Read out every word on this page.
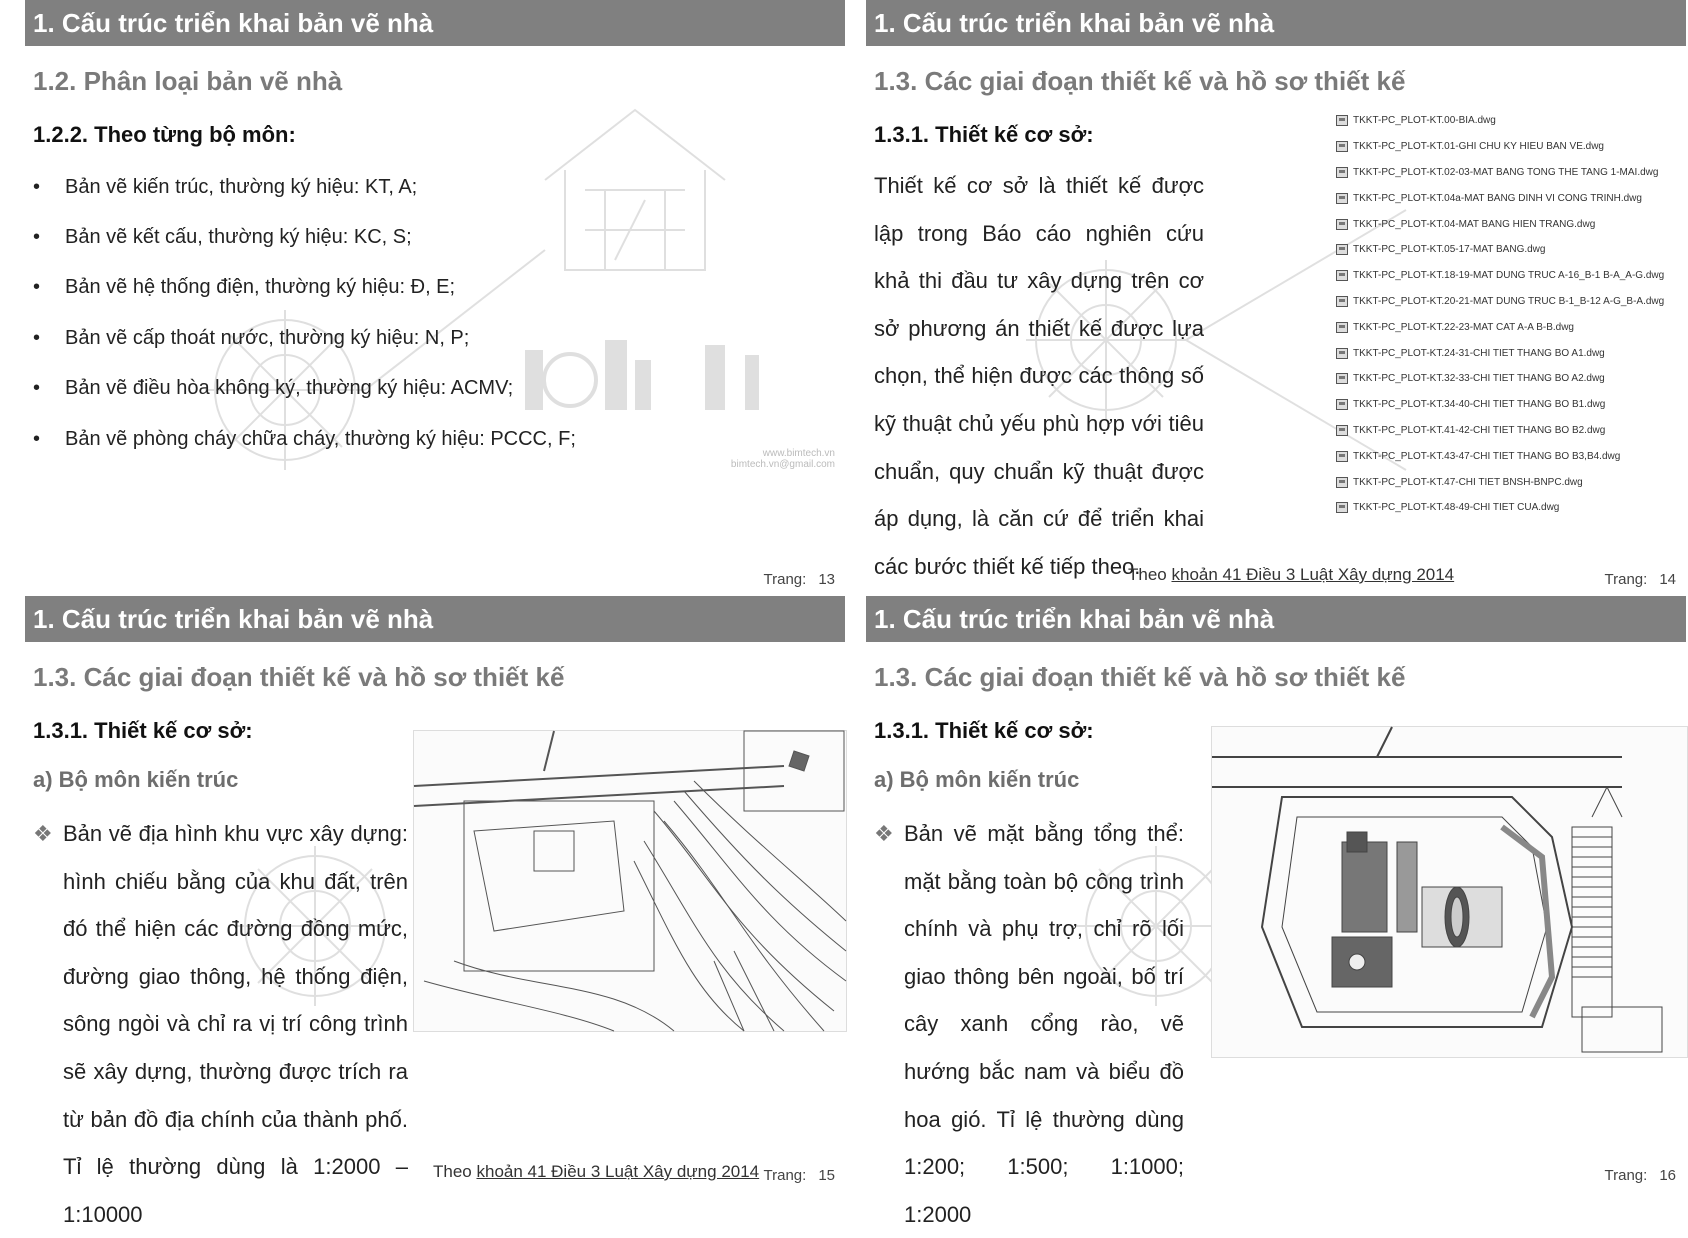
www.bimtech.vn
bimtech.vn@gmail.com
1. Cấu trúc triển khai bản vẽ nhà
1.2. Phân loại bản vẽ nhà
1.2.2. Theo từng bộ môn:
• Bản vẽ kiến trúc, thường ký hiệu: KT, A;
• Bản vẽ kết cấu, thường ký hiệu: KC, S;
• Bản vẽ hệ thống điện, thường ký hiệu: Đ, E;
• Bản vẽ cấp thoát nước, thường ký hiệu: N, P;
• Bản vẽ điều hòa không ký, thường ký hiệu: ACMV;
• Bản vẽ phòng cháy chữa cháy, thường ký hiệu: PCCC, F;
Trang: 13
1. Cấu trúc triển khai bản vẽ nhà
1.3. Các giai đoạn thiết kế và hồ sơ thiết kế
1.3.1. Thiết kế cơ sở:
Thiết kế cơ sở là thiết kế được lập trong Báo cáo nghiên cứu khả thi đầu tư xây dựng trên cơ sở phương án thiết kế được lựa chọn, thể hiện được các thông số kỹ thuật chủ yếu phù hợp với tiêu chuẩn, quy chuẩn kỹ thuật được áp dụng, là căn cứ để triển khai các bước thiết kế tiếp theo.
TKKT-PC_PLOT-KT.00-BIA.dwg
TKKT-PC_PLOT-KT.01-GHI CHU KY HIEU BAN VE.dwg
TKKT-PC_PLOT-KT.02-03-MAT BANG TONG THE TANG 1-MAI.dwg
TKKT-PC_PLOT-KT.04a-MAT BANG DINH VI CONG TRINH.dwg
TKKT-PC_PLOT-KT.04-MAT BANG HIEN TRANG.dwg
TKKT-PC_PLOT-KT.05-17-MAT BANG.dwg
TKKT-PC_PLOT-KT.18-19-MAT DUNG TRUC A-16_B-1 B-A_A-G.dwg
TKKT-PC_PLOT-KT.20-21-MAT DUNG TRUC B-1_B-12 A-G_B-A.dwg
TKKT-PC_PLOT-KT.22-23-MAT CAT A-A B-B.dwg
TKKT-PC_PLOT-KT.24-31-CHI TIET THANG BO A1.dwg
TKKT-PC_PLOT-KT.32-33-CHI TIET THANG BO A2.dwg
TKKT-PC_PLOT-KT.34-40-CHI TIET THANG BO B1.dwg
TKKT-PC_PLOT-KT.41-42-CHI TIET THANG BO B2.dwg
TKKT-PC_PLOT-KT.43-47-CHI TIET THANG BO B3,B4.dwg
TKKT-PC_PLOT-KT.47-CHI TIET BNSH-BNPC.dwg
TKKT-PC_PLOT-KT.48-49-CHI TIET CUA.dwg
Theo khoản 41 Điều 3 Luật Xây dựng 2014	Trang: 14
1. Cấu trúc triển khai bản vẽ nhà
1.3. Các giai đoạn thiết kế và hồ sơ thiết kế
1.3.1. Thiết kế cơ sở:
a) Bộ môn kiến trúc
❖ Bản vẽ địa hình khu vực xây dựng: hình chiếu bằng của khu đất, trên đó thể hiện các đường đồng mức, đường giao thông, hệ thống điện, sông ngòi và chỉ ra vị trí công trình sẽ xây dựng, thường được trích ra từ bản đồ địa chính của thành phố. Tỉ lệ thường dùng là 1:2000 – 1:10000
Theo khoản 41 Điều 3 Luật Xây dựng 2014 Trang: 15
1. Cấu trúc triển khai bản vẽ nhà
1.3. Các giai đoạn thiết kế và hồ sơ thiết kế
1.3.1. Thiết kế cơ sở:
a) Bộ môn kiến trúc
❖ Bản vẽ mặt bằng tổng thể: mặt bằng toàn bộ công trình chính và phụ trợ, chỉ rõ lối giao thông bên ngoài, bố trí cây xanh cổng rào, vẽ hướng bắc nam và biểu đồ hoa gió. Tỉ lệ thường dùng 1:200; 1:500; 1:1000; 1:2000
Trang: 16
